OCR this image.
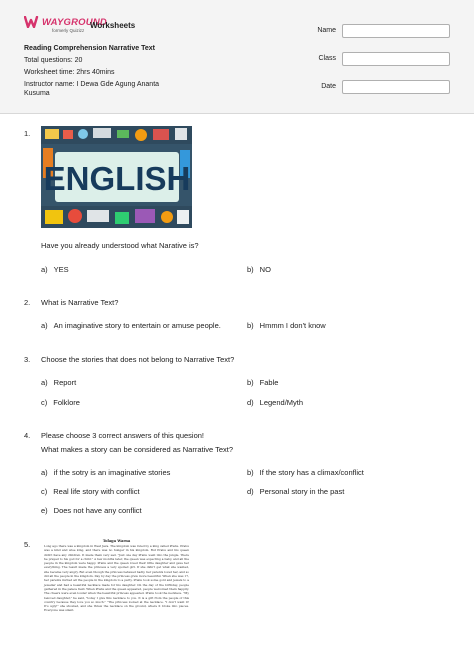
WAYGROUND
formerly Quizizz
Worksheets
Reading Comprehension Narrative Text
Total questions: 20
Worksheet time: 2hrs 40mins
Instructor name: I Dewa Gde Agung Ananta
Kusuma
Name
Class
Date
1.
ENGLISH
Have you already understood what Narative is?
a) YES	b) NO
2. What is Narrative Text?
a) An imaginative story to entertain or amuse people.	b) Hmmm I don't know
3. Choose the stories that does not belong to Narrative Text?
a) Report	b) Fable
c) Folklore	d) Legend/Myth
4. Please choose 3 correct answers of this quesion!
What makes a story can be considered as Narrative Text?
a) if the sotry is an imaginative stories	b) If the story has a climax/conflict
c) Real life story with conflict	d) Personal story in the past
e) Does not have any conflict
5.	Tolaga Warna
Long ago there was a kingdom in West Java. The kingdom was ruled by a king called Prabu. Prabu was a kind and wise king, and there was no hunger in his kingdom. But Prabu and his queen didn't have any children. It made them very sad. "Just one day Prabu went into the jungle. There he prayed to his god for a child." A few months later, the queen was expecting a baby, and all the people in the kingdom were happy. Prabu and the queen loved their little daughter and gave her everything. The result made the princess a very spoiled girl. If she didn't get what she wanted, she became very angry. But even though the princess behaved badly, her parents loved her, and so did all the people in the kingdom. Day by day the princess grew more beautiful. When she was 17, her parents invited all the people in the kingdom to a party. Prabu took some gold and jewels to a jeweller and had a beautiful necklace made for his daughter. On the day of the birthday, people gathered in the palace field. When Prabu and the queen appeared, people welcomed them happily. The cheers were even louder when the beautiful princess appeared. Prabu took the necklace. "My beloved daughter," he said, "today I give this necklace to you. It is a gift from the people of this country because they love you so much." "The princess looked at the necklace. "I don't want it! It's ugly!" she shouted, and she threw the necklace on the ground, where it broke into pieces. Everyone was silent.
